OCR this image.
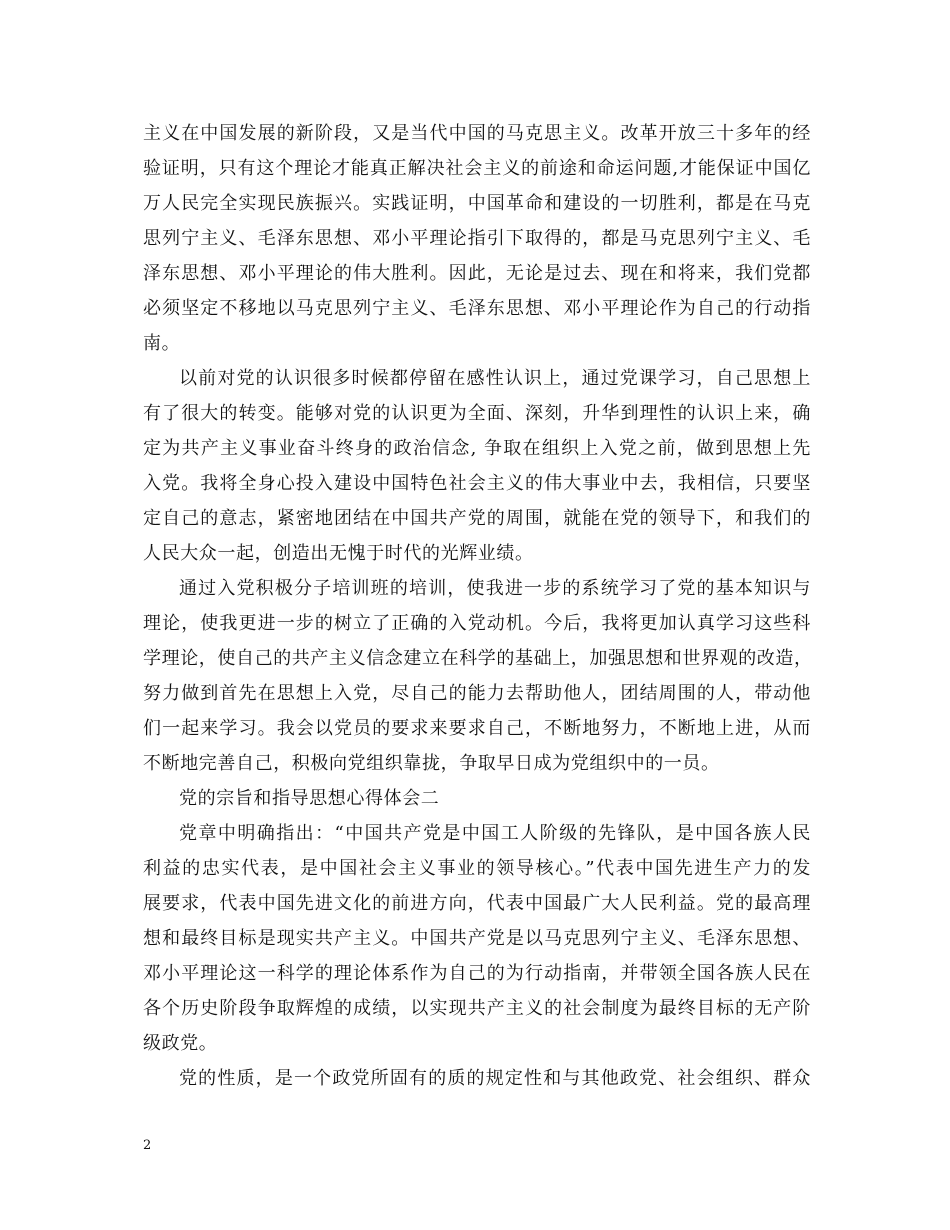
主义在中国发展的新阶段，又是当代中国的马克思主义。改革开放三十多年的经
验证明，只有这个理论才能真正解决社会主义的前途和命运问题,才能保证中国亿
万人民完全实现民族振兴。实践证明，中国革命和建设的一切胜利，都是在马克
思列宁主义、毛泽东思想、邓小平理论指引下取得的，都是马克思列宁主义、毛
泽东思想、邓小平理论的伟大胜利。因此，无论是过去、现在和将来，我们党都
必须坚定不移地以马克思列宁主义、毛泽东思想、邓小平理论作为自己的行动指
南。
以前对党的认识很多时候都停留在感性认识上，通过党课学习，自己思想上
有了很大的转变。能够对党的认识更为全面、深刻，升华到理性的认识上来，确
定为共产主义事业奋斗终身的政治信念, 争取在组织上入党之前，做到思想上先
入党。我将全身心投入建设中国特色社会主义的伟大事业中去，我相信，只要坚
定自己的意志，紧密地团结在中国共产党的周围，就能在党的领导下，和我们的
人民大众一起，创造出无愧于时代的光辉业绩。
通过入党积极分子培训班的培训，使我进一步的系统学习了党的基本知识与
理论，使我更进一步的树立了正确的入党动机。今后，我将更加认真学习这些科
学理论，使自己的共产主义信念建立在科学的基础上，加强思想和世界观的改造，
努力做到首先在思想上入党，尽自己的能力去帮助他人，团结周围的人，带动他
们一起来学习。我会以党员的要求来要求自己，不断地努力，不断地上进，从而
不断地完善自己，积极向党组织靠拢，争取早日成为党组织中的一员。
党的宗旨和指导思想心得体会二
党章中明确指出：“中国共产党是中国工人阶级的先锋队，是中国各族人民
利益的忠实代表，是中国社会主义事业的领导核心。”代表中国先进生产力的发
展要求，代表中国先进文化的前进方向，代表中国最广大人民利益。党的最高理
想和最终目标是现实共产主义。中国共产党是以马克思列宁主义、毛泽东思想、
邓小平理论这一科学的理论体系作为自己的为行动指南，并带领全国各族人民在
各个历史阶段争取辉煌的成绩，以实现共产主义的社会制度为最终目标的无产阶
级政党。
党的性质，是一个政党所固有的质的规定性和与其他政党、社会组织、群众
2
